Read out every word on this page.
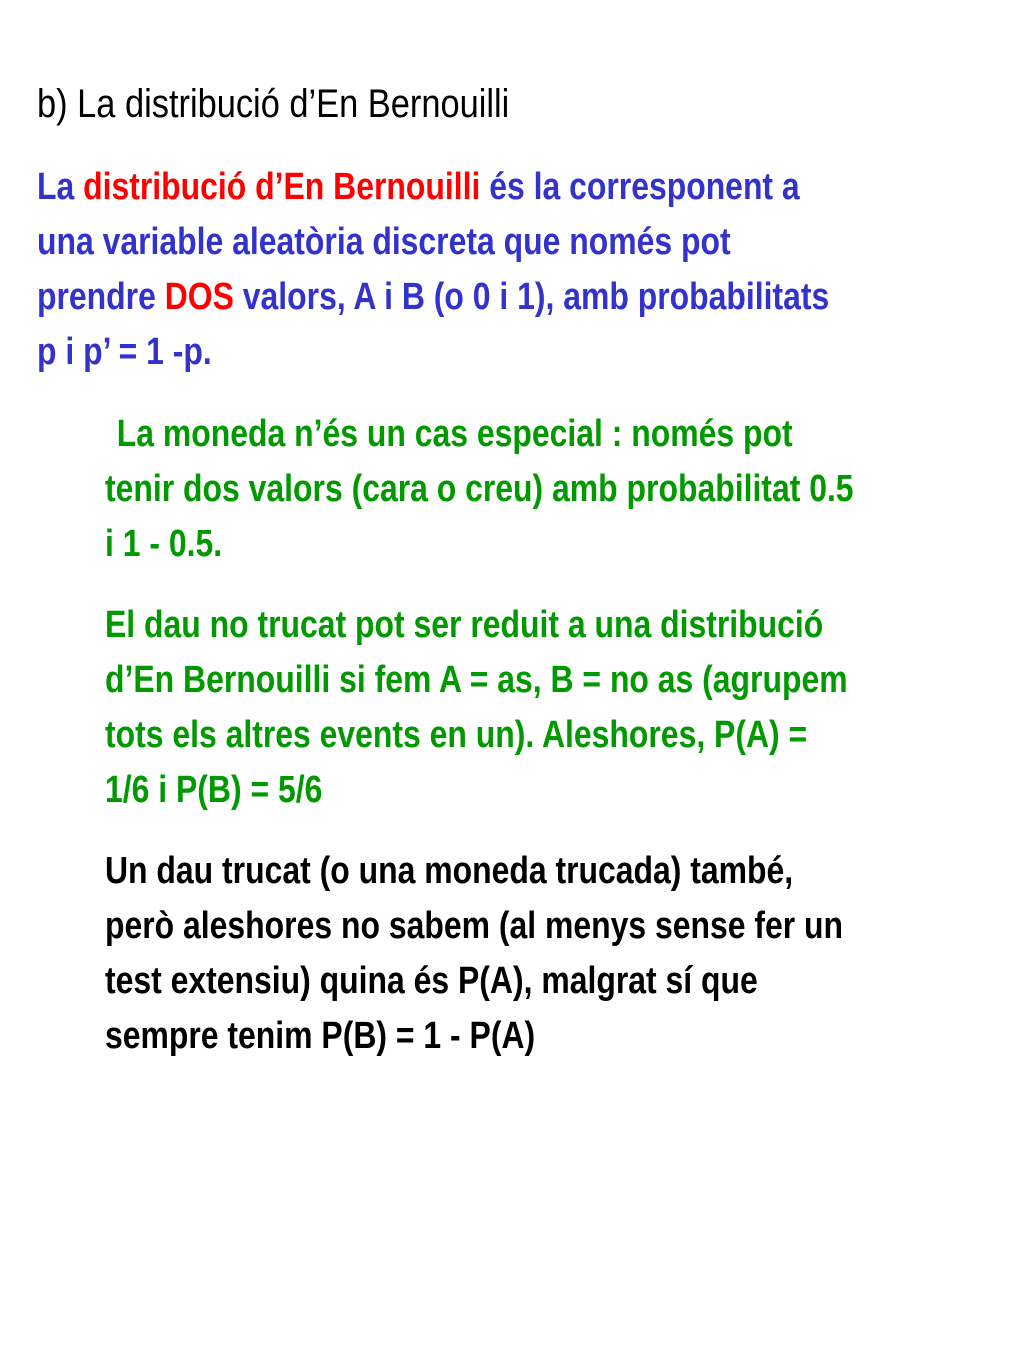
b) La distribució d’En Bernouilli

La distribució d’En Bernouilli és la corresponent a
una variable aleatòria discreta que només pot
prendre DOS valors, A i B (o 0 i 1), amb probabilitats
p i p’ = 1 -p.

La moneda n’és un cas especial : només pot
tenir dos valors (cara o creu) amb probabilitat 0.5
i 1 - 0.5.

El dau no trucat pot ser reduit a una distribució
d’En Bernouilli si fem A = as, B = no as (agrupem
tots els altres events en un). Aleshores, P(A) =
1/6 i P(B) = 5/6

Un dau trucat (o una moneda trucada) també,
però aleshores no sabem (al menys sense fer un
test extensiu) quina és P(A), malgrat sí que
sempre tenim P(B) = 1 - P(A)
